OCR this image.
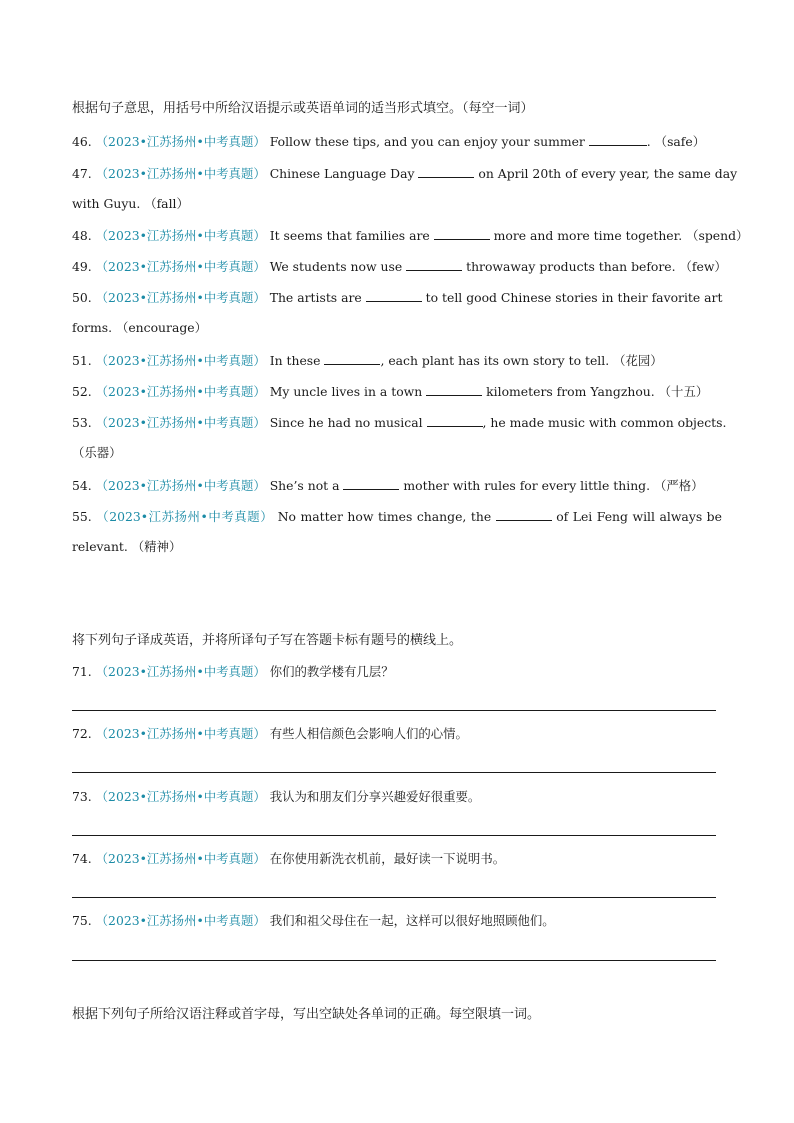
根据句子意思，用括号中所给汉语提示或英语单词的适当形式填空。（每空一词）
46. （2023•江苏扬州•中考真题） Follow these tips, and you can enjoy your summer	. （safe）
47. （2023•江苏扬州•中考真题） Chinese Language Day	on April 20th of every year, the same day
with Guyu. （fall）
48. （2023•江苏扬州•中考真题） It seems that families are	more and more time together. （spend）
49. （2023•江苏扬州•中考真题） We students now use	throwaway products than before. （few）
50. （2023•江苏扬州•中考真题） The artists are	to tell good Chinese stories in their favorite art
forms. （encourage）
51. （2023•江苏扬州•中考真题） In these	, each plant has its own story to tell. （花园）
52. （2023•江苏扬州•中考真题） My uncle lives in a town	kilometers from Yangzhou. （十五）
53. （2023•江苏扬州•中考真题） Since he had no musical	, he made music with common objects.
（乐器）
54. （2023•江苏扬州•中考真题） She’s not a	mother with rules for every little thing. （严格）
55. （2023•江苏扬州•中考真题） No matter how times change, the	of Lei Feng will always be
relevant. （精神）
将下列句子译成英语，并将所译句子写在答题卡标有题号的横线上。
71. （2023•江苏扬州•中考真题） 你们的教学楼有几层？
72. （2023•江苏扬州•中考真题） 有些人相信颜色会影响人们的心情。
73. （2023•江苏扬州•中考真题） 我认为和朋友们分享兴趣爱好很重要。
74. （2023•江苏扬州•中考真题） 在你使用新洗衣机前，最好读一下说明书。
75. （2023•江苏扬州•中考真题） 我们和祖父母住在一起，这样可以很好地照顾他们。
根据下列句子所给汉语注释或首字母，写出空缺处各单词的正确。每空限填一词。
